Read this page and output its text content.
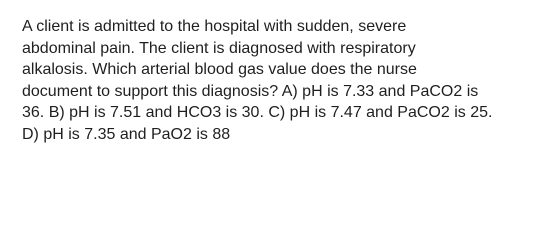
A client is admitted to the hospital with sudden, severe
abdominal pain. The client is diagnosed with respiratory
alkalosis. Which arterial blood gas value does the nurse
document to support this diagnosis? A) pH is 7.33 and PaCO2 is
36. B) pH is 7.51 and HCO3 is 30. C) pH is 7.47 and PaCO2 is 25.
D) pH is 7.35 and PaO2 is 88
